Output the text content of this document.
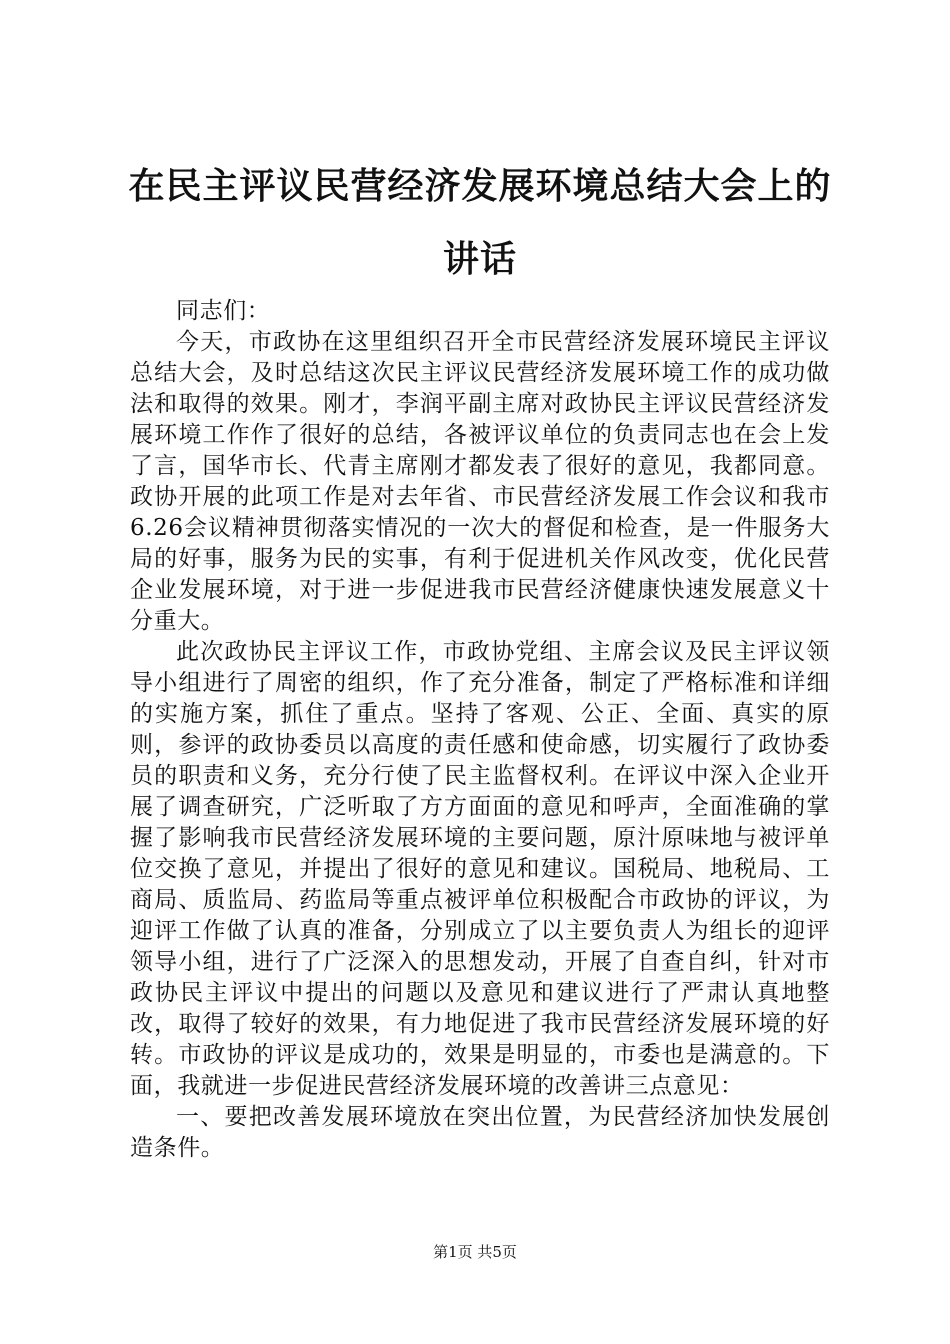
在民主评议民营经济发展环境总结大会上的讲话

同志们：

今天，市政协在这里组织召开全市民营经济发展环境民主评议总结大会，及时总结这次民主评议民营经济发展环境工作的成功做法和取得的效果。刚才，李润平副主席对政协民主评议民营经济发展环境工作作了很好的总结，各被评议单位的负责同志也在会上发了言，国华市长、代青主席刚才都发表了很好的意见，我都同意。政协开展的此项工作是对去年省、市民营经济发展工作会议和我市6.26会议精神贯彻落实情况的一次大的督促和检查，是一件服务大局的好事，服务为民的实事，有利于促进机关作风改变，优化民营企业发展环境，对于进一步促进我市民营经济健康快速发展意义十分重大。

此次政协民主评议工作，市政协党组、主席会议及民主评议领导小组进行了周密的组织，作了充分准备，制定了严格标准和详细的实施方案，抓住了重点。坚持了客观、公正、全面、真实的原则，参评的政协委员以高度的责任感和使命感，切实履行了政协委员的职责和义务，充分行使了民主监督权利。在评议中深入企业开展了调查研究，广泛听取了方方面面的意见和呼声，全面准确的掌握了影响我市民营经济发展环境的主要问题，原汁原味地与被评单位交换了意见，并提出了很好的意见和建议。国税局、地税局、工商局、质监局、药监局等重点被评单位积极配合市政协的评议，为迎评工作做了认真的准备，分别成立了以主要负责人为组长的迎评领导小组，进行了广泛深入的思想发动，开展了自查自纠，针对市政协民主评议中提出的问题以及意见和建议进行了严肃认真地整改，取得了较好的效果，有力地促进了我市民营经济发展环境的好转。市政协的评议是成功的，效果是明显的，市委也是满意的。下面，我就进一步促进民营经济发展环境的改善讲三点意见：

一、要把改善发展环境放在突出位置，为民营经济加快发展创造条件。

第1页 共5页
